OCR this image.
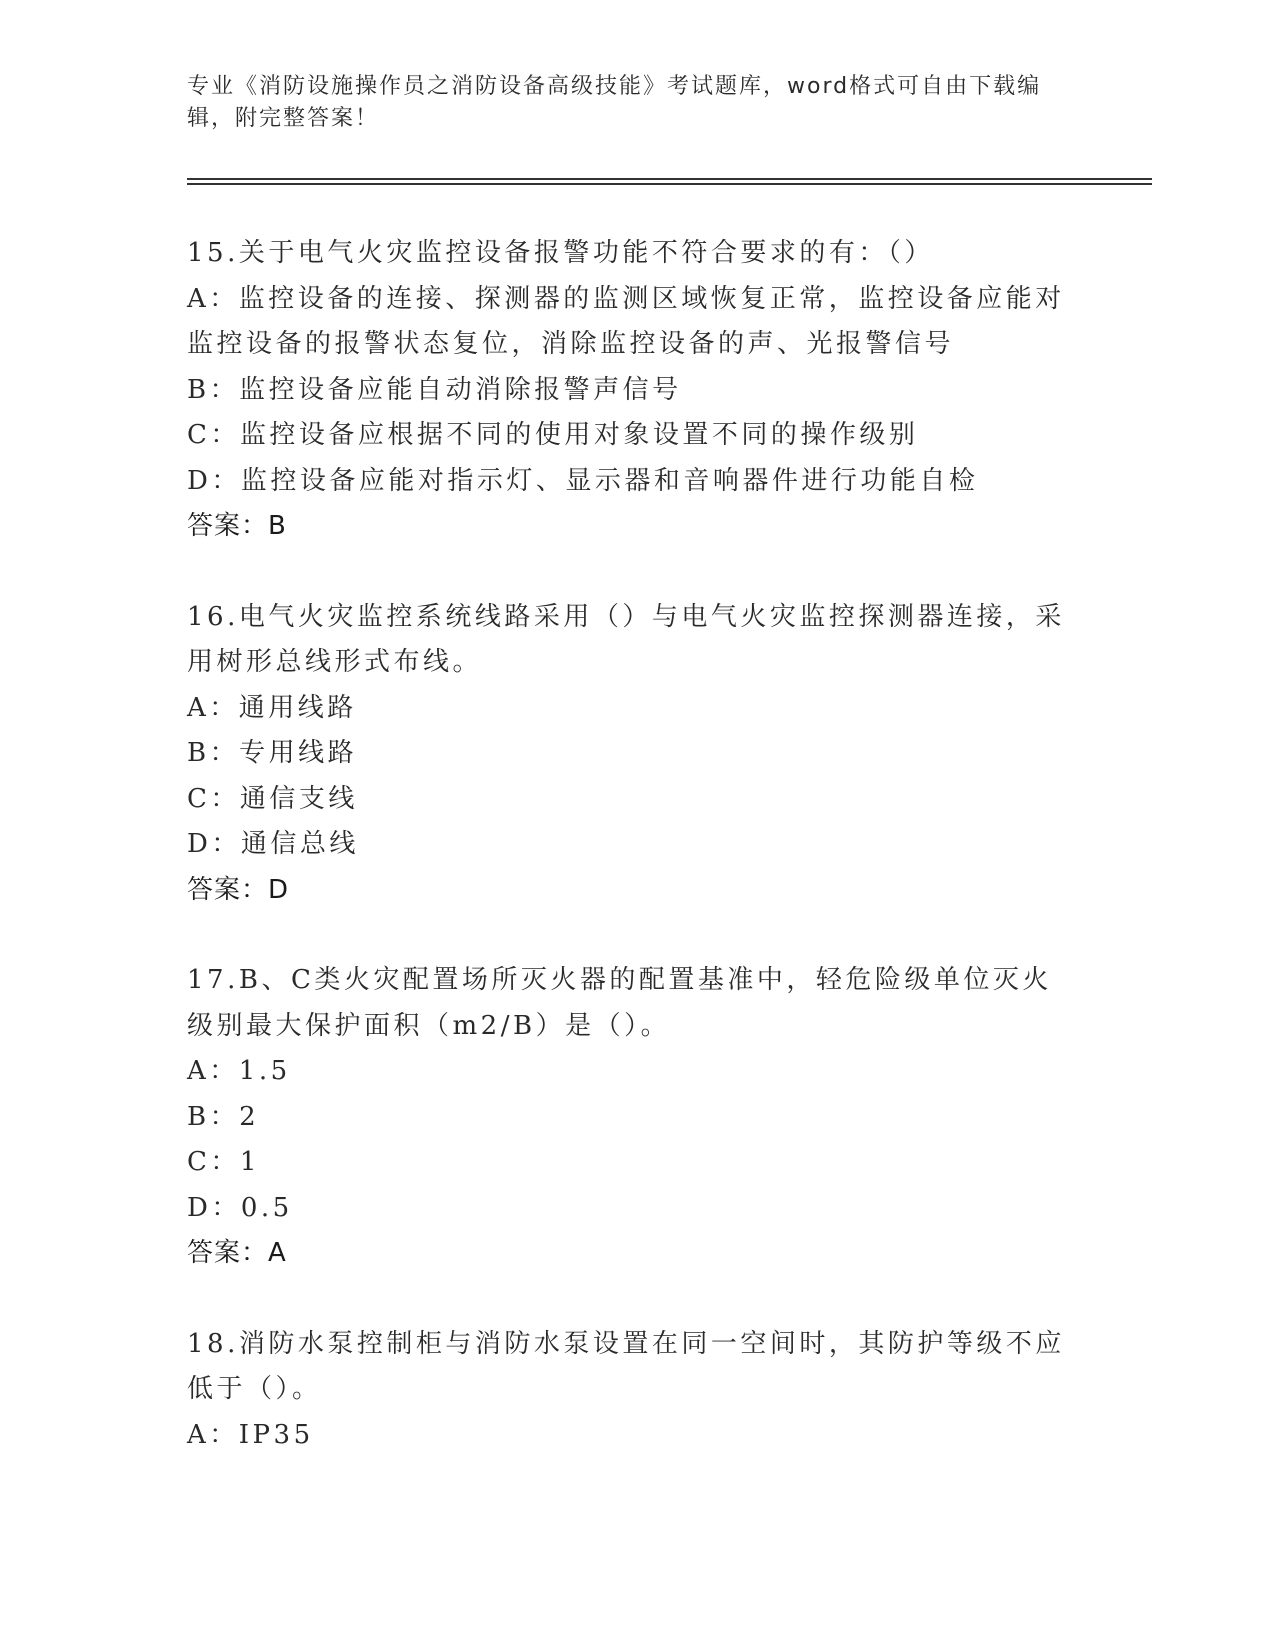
专业《消防设施操作员之消防设备高级技能》考试题库，word格式可自由下载编辑，附完整答案！
15.关于电气火灾监控设备报警功能不符合要求的有：（）
A：监控设备的连接、探测器的监测区域恢复正常，监控设备应能对监控设备的报警状态复位，消除监控设备的声、光报警信号
B：监控设备应能自动消除报警声信号
C：监控设备应根据不同的使用对象设置不同的操作级别
D：监控设备应能对指示灯、显示器和音响器件进行功能自检
答案：B
16.电气火灾监控系统线路采用（）与电气火灾监控探测器连接，采用树形总线形式布线。
A：通用线路
B：专用线路
C：通信支线
D：通信总线
答案：D
17.B、C类火灾配置场所灭火器的配置基准中，轻危险级单位灭火级别最大保护面积（m2/B）是（）。
A：1.5
B：2
C：1
D：0.5
答案：A
18.消防水泵控制柜与消防水泵设置在同一空间时，其防护等级不应低于（）。
A：IP35
